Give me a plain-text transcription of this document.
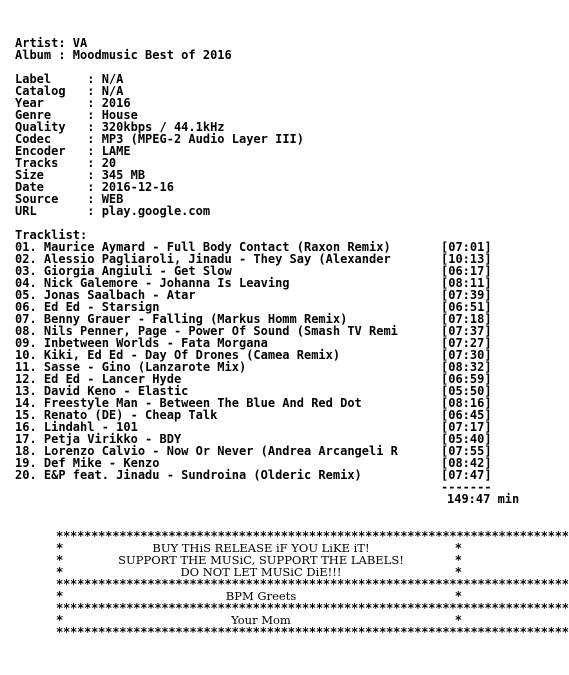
Artist: VA
Album : Moodmusic Best of 2016
Label     : N/A
Catalog   : N/A
Year      : 2016
Genre     : House
Quality   : 320kbps / 44.1kHz
Codec     : MP3 (MPEG-2 Audio Layer III)
Encoder   : LAME
Tracks    : 20
Size      : 345 MB
Date      : 2016-12-16
Source    : WEB
URL       : play.google.com
Tracklist:
01. Maurice Aymard - Full Body Contact (Raxon Remix)	[07:01]
02. Alessio Pagliaroli, Jinadu - They Say (Alexander	[10:13]
03. Giorgia Angiuli - Get Slow	[06:17]
04. Nick Galemore - Johanna Is Leaving	[08:11]
05. Jonas Saalbach - Atar	[07:39]
06. Ed Ed - Starsign	[06:51]
07. Benny Grauer - Falling (Markus Homm Remix)	[07:18]
08. Nils Penner, Page - Power Of Sound (Smash TV Remi	[07:37]
09. Inbetween Worlds - Fata Morgana	[07:27]
10. Kiki, Ed Ed - Day Of Drones (Camea Remix)	[07:30]
11. Sasse - Gino (Lanzarote Mix)	[08:32]
12. Ed Ed - Lancer Hyde	[06:59]
13. David Keno - Elastic	[05:50]
14. Freestyle Man - Between The Blue And Red Dot	[08:16]
15. Renato (DE) - Cheap Talk	[06:45]
16. Lindahl - 101	[07:17]
17. Petja Virikko - BDY	[05:40]
18. Lorenzo Calvio - Now Or Never (Andrea Arcangeli R	[07:55]
19. Def Mike - Kenzo	[08:42]
20. E&P feat. Jinadu - Sundroina (Olderic Remix)	[07:47]
-------
149:47 min
*************************************************************************

*

	BUY THiS RELEASE iF YOU LiKE iT!

	*

*

	SUPPORT THE MUSiC, SUPPORT THE LABELS!

	*

*

	DO NOT LET MUSiC DiE!!!

	*

*************************************************************************

*

	BPM Greets

	*

*************************************************************************

*

	Your Mom

	*

*************************************************************************
